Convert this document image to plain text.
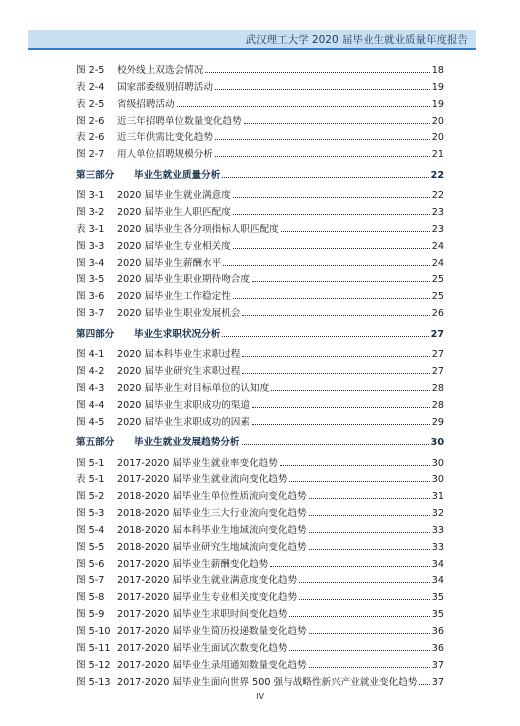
武汉理工大学 2020 届毕业生就业质量年度报告
图 2-5	校外线上双选会情况	18
表 2-4	国家部委级别招聘活动	19
表 2-5	省级招聘活动	19
图 2-6	近三年招聘单位数量变化趋势	20
表 2-6	近三年供需比变化趋势	20
图 2-7	用人单位招聘规模分析	21
第三部分	毕业生就业质量分析	22
图 3-1	2020 届毕业生就业满意度	22
图 3-2	2020 届毕业生人职匹配度	23
表 3-1	2020 届毕业生各分项指标人职匹配度	23
图 3-3	2020 届毕业生专业相关度	24
图 3-4	2020 届毕业生薪酬水平	24
图 3-5	2020 届毕业生职业期待吻合度	25
图 3-6	2020 届毕业生工作稳定性	25
图 3-7	2020 届毕业生职业发展机会	26
第四部分	毕业生求职状况分析	27
图 4-1	2020 届本科毕业生求职过程	27
图 4-2	2020 届毕业研究生求职过程	27
图 4-3	2020 届毕业生对目标单位的认知度	28
图 4-4	2020 届毕业生求职成功的渠道	28
图 4-5	2020 届毕业生求职成功的因素	29
第五部分	毕业生就业发展趋势分析	30
图 5-1	2017-2020 届毕业生就业率变化趋势	30
表 5-1	2017-2020 届毕业生就业流向变化趋势	30
图 5-2	2018-2020 届毕业生单位性质流向变化趋势	31
图 5-3	2018-2020 届毕业生三大行业流向变化趋势	32
图 5-4	2018-2020 届本科毕业生地域流向变化趋势	33
图 5-5	2018-2020 届毕业研究生地域流向变化趋势	33
图 5-6	2017-2020 届毕业生薪酬变化趋势	34
图 5-7	2017-2020 届毕业生就业满意度变化趋势	34
图 5-8	2017-2020 届毕业生专业相关度变化趋势	35
图 5-9	2017-2020 届毕业生求职时间变化趋势	35
图 5-10 2017-2020 届毕业生简历投递数量变化趋势	36
图 5-11 2017-2020 届毕业生面试次数变化趋势	36
图 5-12 2017-2020 届毕业生录用通知数量变化趋势	37
图 5-13 2017-2020 届毕业生面向世界 500 强与战略性新兴产业就业变化趋势 37
IV
